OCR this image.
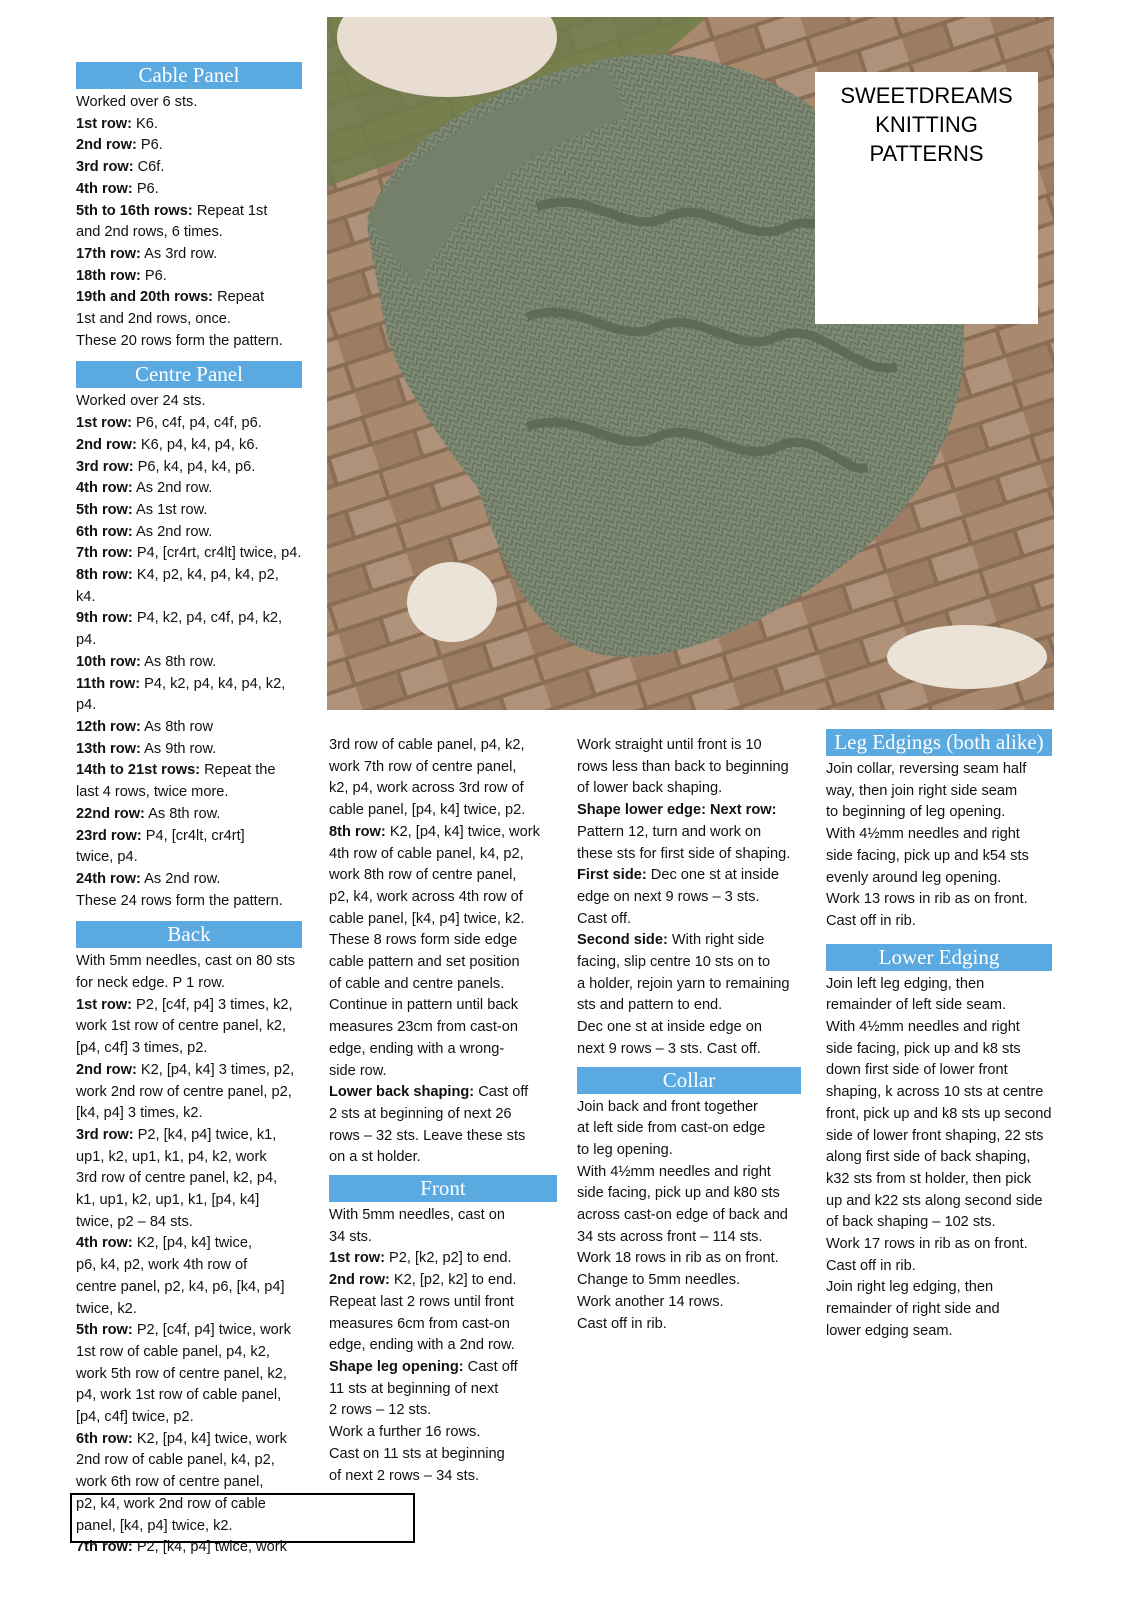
Cable Panel

Worked over 6 sts.

1st row: K6.

2nd row: P6.

3rd row: C6f.

4th row: P6.

5th to 16th rows: Repeat 1st

and 2nd rows, 6 times.

17th row: As 3rd row.

18th row: P6.

19th and 20th rows: Repeat

1st and 2nd rows, once.

These 20 rows form the pattern.

Centre Panel

Worked over 24 sts.

1st row: P6, c4f, p4, c4f, p6.

2nd row: K6, p4, k4, p4, k6.

3rd row: P6, k4, p4, k4, p6.

4th row: As 2nd row.

5th row: As 1st row.

6th row: As 2nd row.

7th row: P4, [cr4rt, cr4lt] twice, p4.

8th row: K4, p2, k4, p4, k4, p2, k4.

9th row: P4, k2, p4, c4f, p4, k2, p4.

10th row: As 8th row.

11th row: P4, k2, p4, k4, p4, k2, p4.

12th row: As 8th row

13th row: As 9th row.

14th to 21st rows: Repeat the

last 4 rows, twice more.

22nd row: As 8th row.

23rd row: P4, [cr4lt, cr4rt]

twice, p4.

24th row: As 2nd row.

These 24 rows form the pattern.

Back

With 5mm needles, cast on 80 sts

for neck edge. P 1 row.

1st row: P2, [c4f, p4] 3 times, k2,

work 1st row of centre panel, k2,

[p4, c4f] 3 times, p2.

2nd row: K2, [p4, k4] 3 times, p2,

work 2nd row of centre panel, p2,

[k4, p4] 3 times, k2.

3rd row: P2, [k4, p4] twice, k1,

up1, k2, up1, k1, p4, k2, work

3rd row of centre panel, k2, p4,

k1, up1, k2, up1, k1, [p4, k4]

twice, p2 – 84 sts.

4th row: K2, [p4, k4] twice,

p6, k4, p2, work 4th row of

centre panel, p2, k4, p6, [k4, p4]

twice, k2.

5th row: P2, [c4f, p4] twice, work

1st row of cable panel, p4, k2,

work 5th row of centre panel, k2,

p4, work 1st row of cable panel,

[p4, c4f] twice, p2.

6th row: K2, [p4, k4] twice, work

2nd row of cable panel, k4, p2,

work 6th row of centre panel,

p2, k4, work 2nd row of cable

panel, [k4, p4] twice, k2.

7th row: P2, [k4, p4] twice, work

SWEETDREAMS
KNITTING
PATTERNS

3rd row of cable panel, p4, k2,

work 7th row of centre panel,

k2, p4, work across 3rd row of

cable panel, [p4, k4] twice, p2.

8th row: K2, [p4, k4] twice, work

4th row of cable panel, k4, p2,

work 8th row of centre panel,

p2, k4, work across 4th row of

cable panel, [k4, p4] twice, k2.

These 8 rows form side edge

cable pattern and set position

of cable and centre panels.

Continue in pattern until back

measures 23cm from cast-on

edge, ending with a wrong-

side row.

Lower back shaping: Cast off

2 sts at beginning of next 26

rows – 32 sts. Leave these sts

on a st holder.

Front

With 5mm needles, cast on

34 sts.

1st row: P2, [k2, p2] to end.

2nd row: K2, [p2, k2] to end.

Repeat last 2 rows until front

measures 6cm from cast-on

edge, ending with a 2nd row.

Shape leg opening: Cast off

11 sts at beginning of next

2 rows – 12 sts.

Work a further 16 rows.

Cast on 11 sts at beginning

of next 2 rows – 34 sts.

Work straight until front is 10

rows less than back to beginning

of lower back shaping.

Shape lower edge: Next row:

Pattern 12, turn and work on

these sts for first side of shaping.

First side: Dec one st at inside

edge on next 9 rows – 3 sts.

Cast off.

Second side: With right side

facing, slip centre 10 sts on to

a holder, rejoin yarn to remaining

sts and pattern to end.

Dec one st at inside edge on

next 9 rows – 3 sts. Cast off.

Collar

Join back and front together

at left side from cast-on edge

to leg opening.

With 4½mm needles and right

side facing, pick up and k80 sts

across cast-on edge of back and

34 sts across front – 114 sts.

Work 18 rows in rib as on front.

Change to 5mm needles.

Work another 14 rows.

Cast off in rib.

Leg Edgings (both alike)

Join collar, reversing seam half

way, then join right side seam

to beginning of leg opening.

With 4½mm needles and right

side facing, pick up and k54 sts

evenly around leg opening.

Work 13 rows in rib as on front.

Cast off in rib.

Lower Edging

Join left leg edging, then

remainder of left side seam.

With 4½mm needles and right

side facing, pick up and k8 sts

down first side of lower front

shaping, k across 10 sts at centre

front, pick up and k8 sts up second

side of lower front shaping, 22 sts

along first side of back shaping,

k32 sts from st holder, then pick

up and k22 sts along second side

of back shaping – 102 sts.

Work 17 rows in rib as on front.

Cast off in rib.

Join right leg edging, then

remainder of right side and

lower edging seam.
